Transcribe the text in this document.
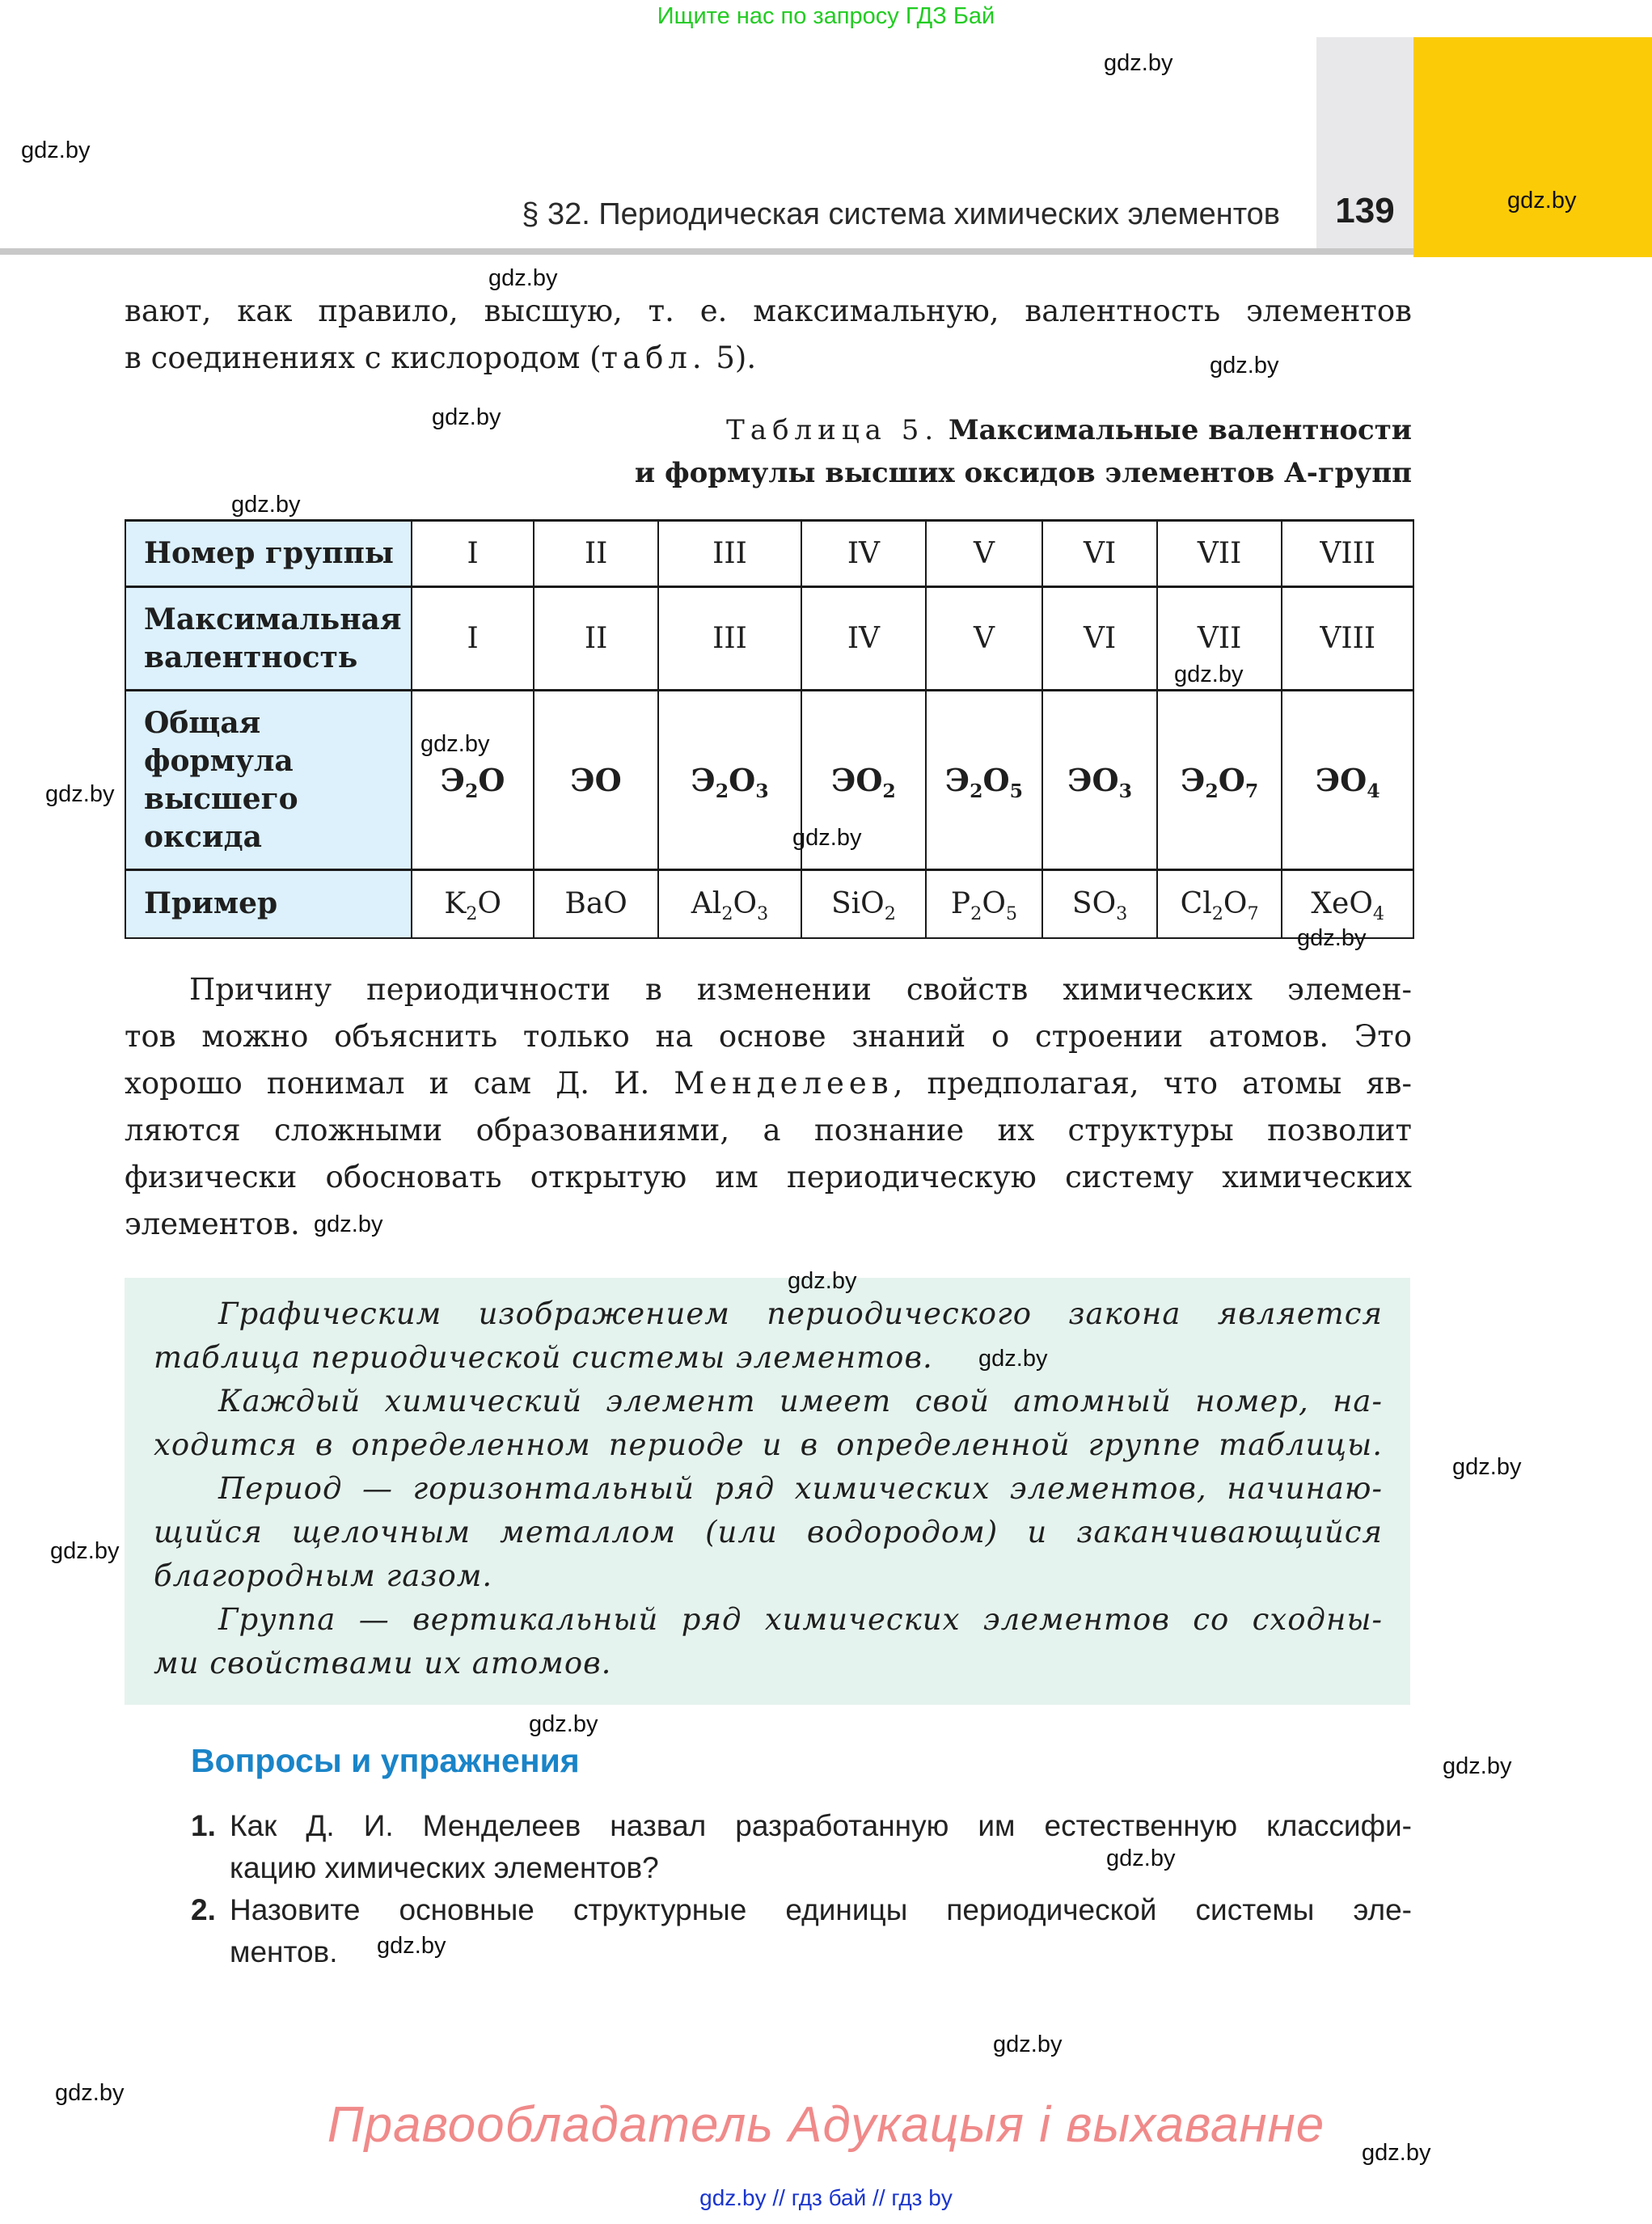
Ищите нас по запросу ГДЗ Бай
§ 32. Периодическая система химических элементов	139
вают, как правило, высшую, т. е. максимальную, валентность элементов
в соединениях с кислородом (табл. 5).
Таблица 5. Максимальные валентности
и формулы высших оксидов элементов А-групп
Номер группы	I	II	III	IV	V	VI	VII	VIII

Максимальная
валентность	I	II	III	IV	V	VI	VII	VIII

Общая
формула
высшего
оксида	$Э_2O$	ЭO	$Э_2O_3$	$ЭO_2$	$Э_2O_5$	$ЭO_3$	$Э_2O_7$	$ЭO_4$
Пример	$K_2O$	BaO	$Al_2O_3$	SiO$_2$	$P_2O_5$	$SO_3$	$Cl_2O_7$	XeO$_4$
Причину периодичности в изменении свойств химических элемен-
тов можно объяснить только на основе знаний о строении атомов. Это
хорошо понимал и сам Д. И. Менделеев, предполагая, что атомы яв-
ляются сложными образованиями, а познание их структуры позволит
физически обосновать открытую им периодическую систему химических
элементов.
Графическим изображением периодического закона является
таблица периодической системы элементов.
Каждый химический элемент имеет свой атомный номер, на-
ходится в определенном периоде и в определенной группе таблицы.
Период — горизонтальный ряд химических элементов, начинаю-
щийся щелочным металлом (или водородом) и заканчивающийся
благородным газом.
Группа — вертикальный ряд химических элементов со сходны-
ми свойствами их атомов.
Вопросы и упражнения
1. Как Д. И. Менделеев назвал разработанную им естественную классифи-
кацию химических элементов?
2. Назовите основные структурные единицы периодической системы эле-
ментов.
Правообладатель Адукацыя і выхаванне
gdz.by // гдз бай // гдз by
gdz.by
gdz.by
gdz.by
gdz.by
gdz.by
gdz.by
gdz.by
gdz.by
gdz.by
gdz.by
gdz.by
gdz.by
gdz.by
gdz.by
gdz.by
gdz.by
gdz.by
gdz.by
gdz.by
gdz.by
gdz.by
gdz.by
gdz.by
gdz.by
